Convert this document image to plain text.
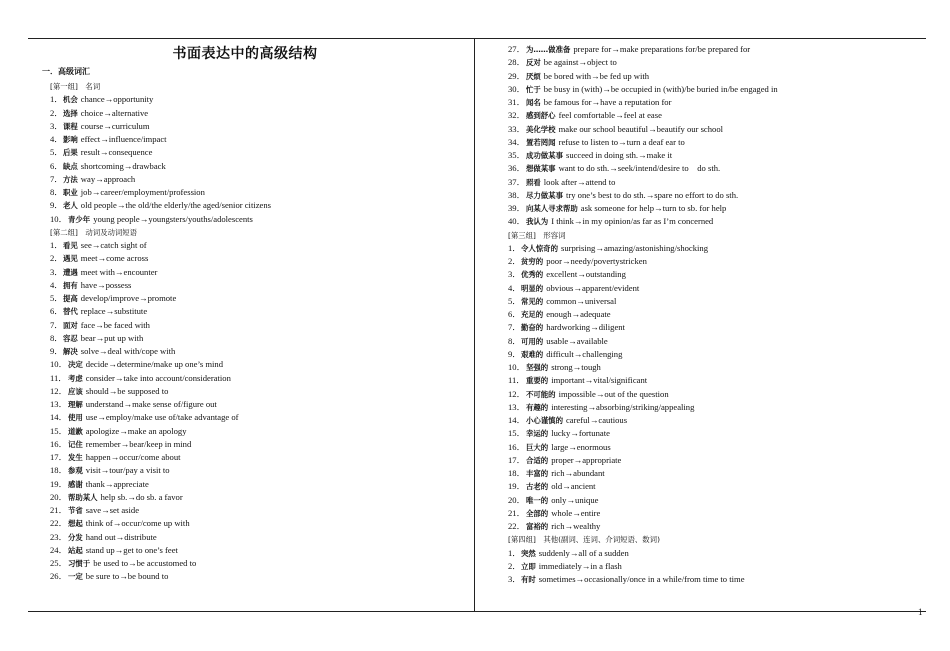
书面表达中的高级结构
一．高级词汇
[第一组]　名词
1．机会 chance→opportunity
2．选择 choice→alternative
3．课程 course→curriculum
4．影响 effect→influence/impact
5．后果 result→consequence
6．缺点 shortcoming→drawback
7．方法 way→approach
8．职业 job→career/employment/profession
9．老人 old people→the old/the elderly/the aged/senior citizens
10．青少年 young people→youngsters/youths/adolescents
[第二组]　动词及动词短语
1．看见 see→catch sight of
2．遇见 meet→come across
3．遭遇 meet with→encounter
4．拥有 have→possess
5．提高 develop/improve→promote
6．替代 replace→substitute
7．面对 face→be faced with
8．容忍 bear→put up with
9．解决 solve→deal with/cope with
10．决定 decide→determine/make up one’s mind
11．考虑 consider→take into account/consideration
12．应该 should→be supposed to
13．理解 understand→make sense of/figure out
14．使用 use→employ/make use of/take advantage of
15．道歉 apologize→make an apology
16．记住 remember→bear/keep in mind
17．发生 happen→occur/come about
18．参观 visit→tour/pay a visit to
19．感谢 thank→appreciate
20．帮助某人 help sb.→do sb. a favor
21．节省 save→set aside
22．想起 think of→occur/come up with
23．分发 hand out→distribute
24．站起 stand up→get to one’s feet
25．习惯于 be used to→be accustomed to
26．一定 be sure to→be bound to
27．为……做准备 prepare for→make preparations for/be prepared for
28．反对 be against→object to
29．厌烦 be bored with→be fed up with
30．忙于 be busy in (with)→be occupied in (with)/be buried in/be engaged in
31．闻名 be famous for→have a reputation for
32．感到舒心 feel comfortable→feel at ease
33．美化学校 make our school beautiful→beautify our school
34．置若罔闻 refuse to listen to→turn a deaf ear to
35．成功做某事 succeed in doing sth.→make it
36．想做某事 want to do sth.→seek/intend/desire to　do sth.
37．照看 look after→attend to
38．尽力做某事 try one’s best to do sth.→spare no effort to do sth.
39．向某人寻求帮助 ask someone for help→turn to sb. for help
40．我认为 I think→in my opinion/as far as I’m concerned
[第三组]　形容词
1．令人惊奇的 surprising→amazing/astonishing/shocking
2．贫穷的 poor→needy/povertystricken
3．优秀的 excellent→outstanding
4．明显的 obvious→apparent/evident
5．常见的 common→universal
6．充足的 enough→adequate
7．勤奋的 hardworking→diligent
8．可用的 usable→available
9．艰难的 difficult→challenging
10．坚强的 strong→tough
11．重要的 important→vital/significant
12．不可能的 impossible→out of the question
13．有趣的 interesting→absorbing/striking/appealing
14．小心谨慎的 careful→cautious
15．幸运的 lucky→fortunate
16．巨大的 large→enormous
17．合适的 proper→appropriate
18．丰富的 rich→abundant
19．古老的 old→ancient
20．唯一的 only→unique
21．全部的 whole→entire
22．富裕的 rich→wealthy
[第四组]　其他(副词、连词、介词短语、数词)
1．突然 suddenly→all of a sudden
2．立即 immediately→in a flash
3．有时 sometimes→occasionally/once in a while/from time to time
1
